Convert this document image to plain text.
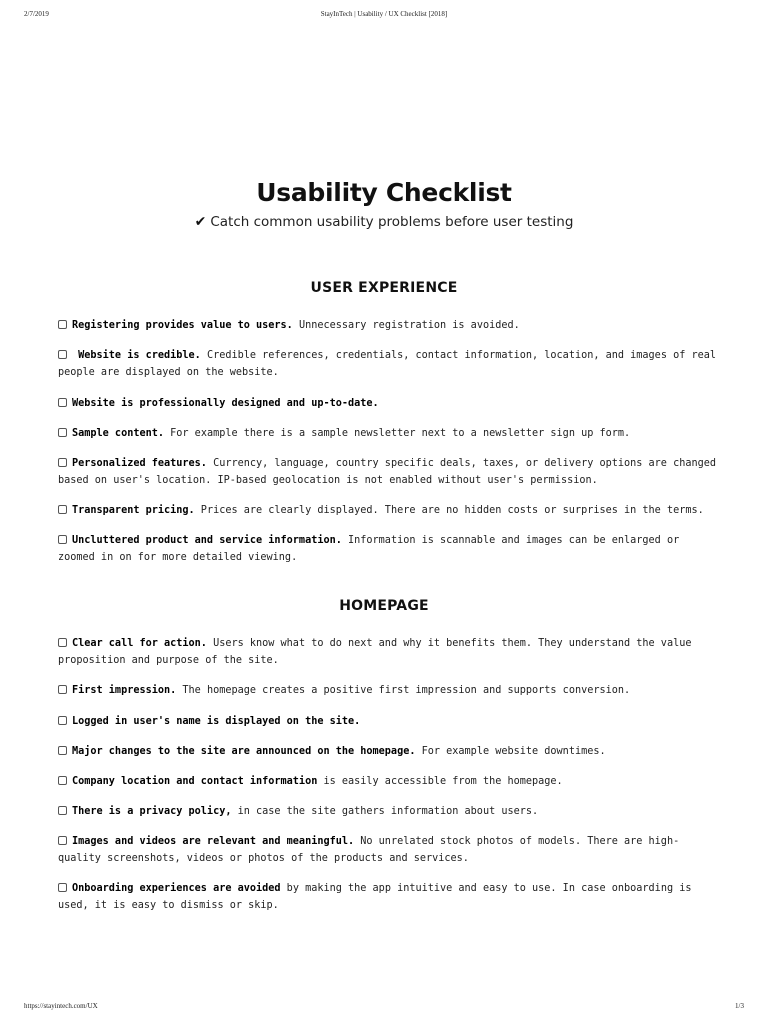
2/7/2019	StayInTech | Usability / UX Checklist [2018]
Usability Checklist
✔ Catch common usability problems before user testing
USER EXPERIENCE
Registering provides value to users. Unnecessary registration is avoided.
Website is credible. Credible references, credentials, contact information, location, and images of real people are displayed on the website.
Website is professionally designed and up-to-date.
Sample content. For example there is a sample newsletter next to a newsletter sign up form.
Personalized features. Currency, language, country specific deals, taxes, or delivery options are changed based on user's location. IP-based geolocation is not enabled without user's permission.
Transparent pricing. Prices are clearly displayed. There are no hidden costs or surprises in the terms.
Uncluttered product and service information. Information is scannable and images can be enlarged or zoomed in on for more detailed viewing.
HOMEPAGE
Clear call for action. Users know what to do next and why it benefits them. They understand the value proposition and purpose of the site.
First impression. The homepage creates a positive first impression and supports conversion.
Logged in user's name is displayed on the site.
Major changes to the site are announced on the homepage. For example website downtimes.
Company location and contact information is easily accessible from the homepage.
There is a privacy policy, in case the site gathers information about users.
Images and videos are relevant and meaningful. No unrelated stock photos of models. There are high-quality screenshots, videos or photos of the products and services.
Onboarding experiences are avoided by making the app intuitive and easy to use. In case onboarding is used, it is easy to dismiss or skip.
https://stayintech.com/UX	1/3
